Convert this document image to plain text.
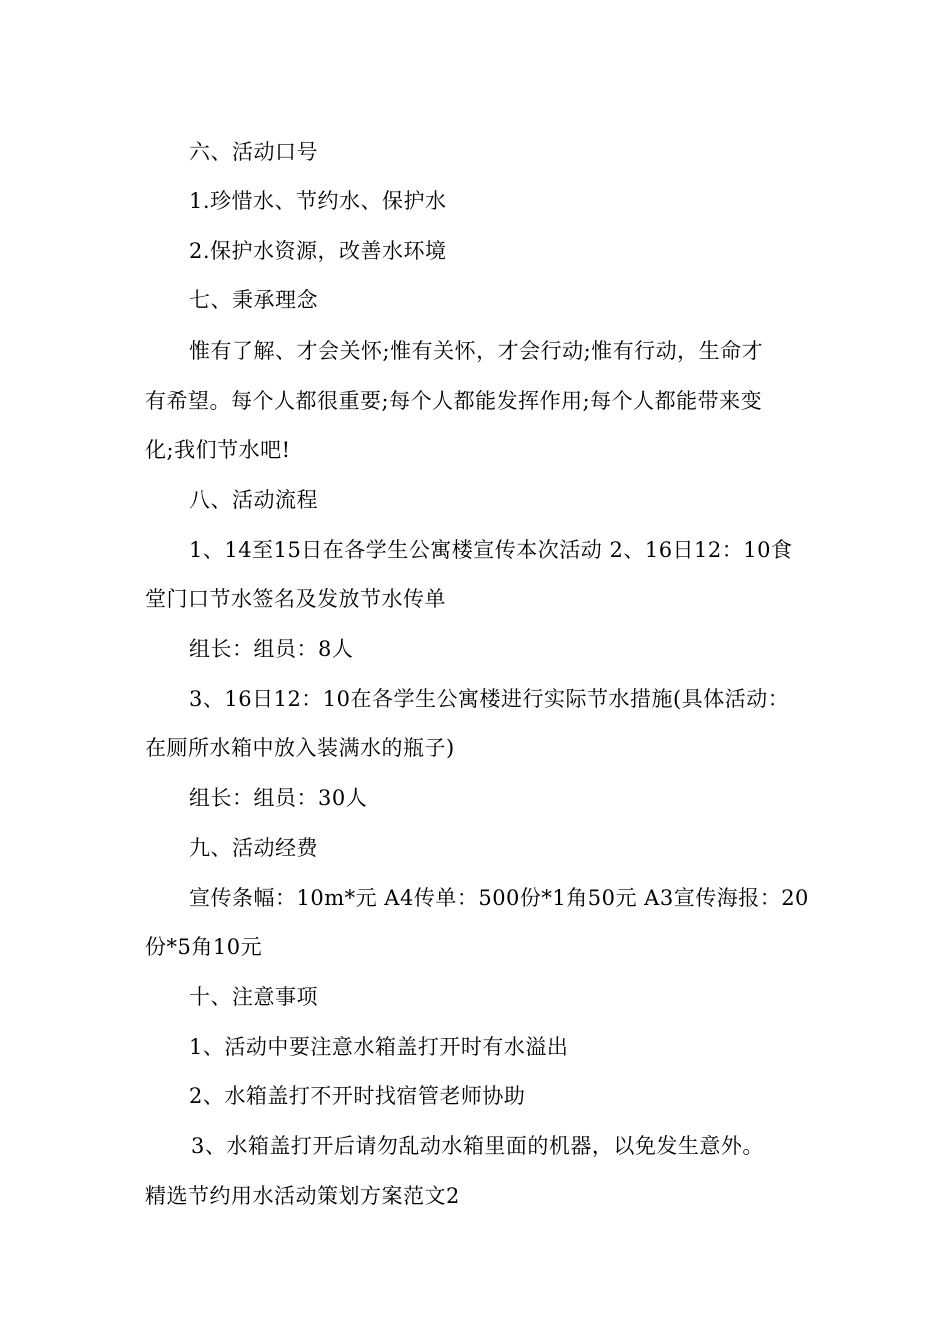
六、活动口号
1.珍惜水、节约水、保护水
2.保护水资源，改善水环境
七、秉承理念
惟有了解、才会关怀;惟有关怀，才会行动;惟有行动，生命才
有希望。每个人都很重要;每个人都能发挥作用;每个人都能带来变
化;我们节水吧!
八、活动流程
1、14至15日在各学生公寓楼宣传本次活动 2、16日12：10食
堂门口节水签名及发放节水传单
组长：组员：8人
3、16日12：10在各学生公寓楼进行实际节水措施(具体活动：
在厕所水箱中放入装满水的瓶子)
组长：组员：30人
九、活动经费
宣传条幅：10m*元 A4传单：500份*1角50元 A3宣传海报：20
份*5角10元
十、注意事项
1、活动中要注意水箱盖打开时有水溢出
2、水箱盖打不开时找宿管老师协助
3、水箱盖打开后请勿乱动水箱里面的机器，以免发生意外。
精选节约用水活动策划方案范文2
